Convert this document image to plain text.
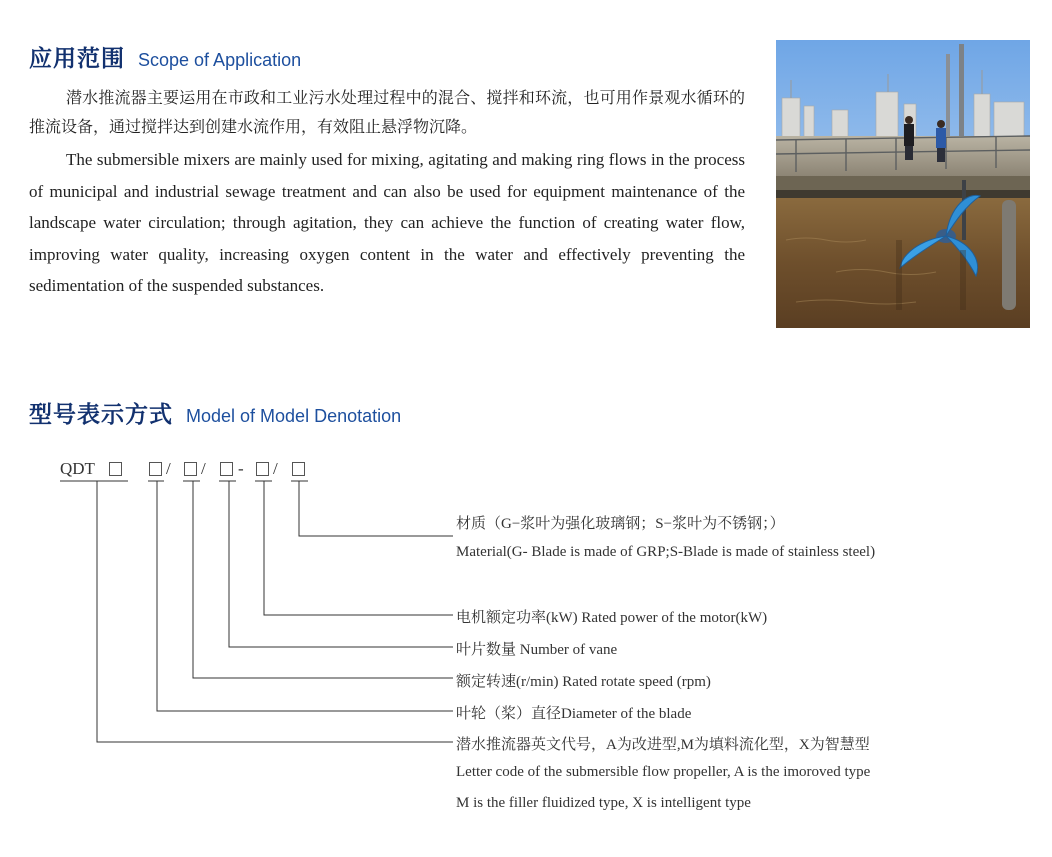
应用范围 Scope of Application
潜水推流器主要运用在市政和工业污水处理过程中的混合、搅拌和环流，也可用作景观水循环的推流设备，通过搅拌达到创建水流作用，有效阻止悬浮物沉降。
The submersible mixers are mainly used for mixing, agitating and making ring flows in the process of municipal and industrial sewage treatment and can also be used for equipment maintenance of the landscape water circulation; through agitation, they can achieve the function of creating water flow, improving water quality, increasing oxygen content in the water and effectively preventing the sedimentation of the suspended substances.
型号表示方式 Model of Model Denotation
QDT	/ / - /
材质（G−浆叶为强化玻璃钢；S−浆叶为不锈钢；）
Material(G- Blade is made of GRP;S-Blade is made of stainless steel)
电机额定功率(kW) Rated power of the motor(kW)
叶片数量 Number of vane
额定转速(r/min) Rated rotate speed (rpm)
叶轮（桨）直径Diameter of the blade
潜水推流器英文代号，A为改进型,M为填料流化型，X为智慧型
Letter code of the submersible flow propeller, A is the imoroved type
M is the filler fluidized type, X is intelligent type
